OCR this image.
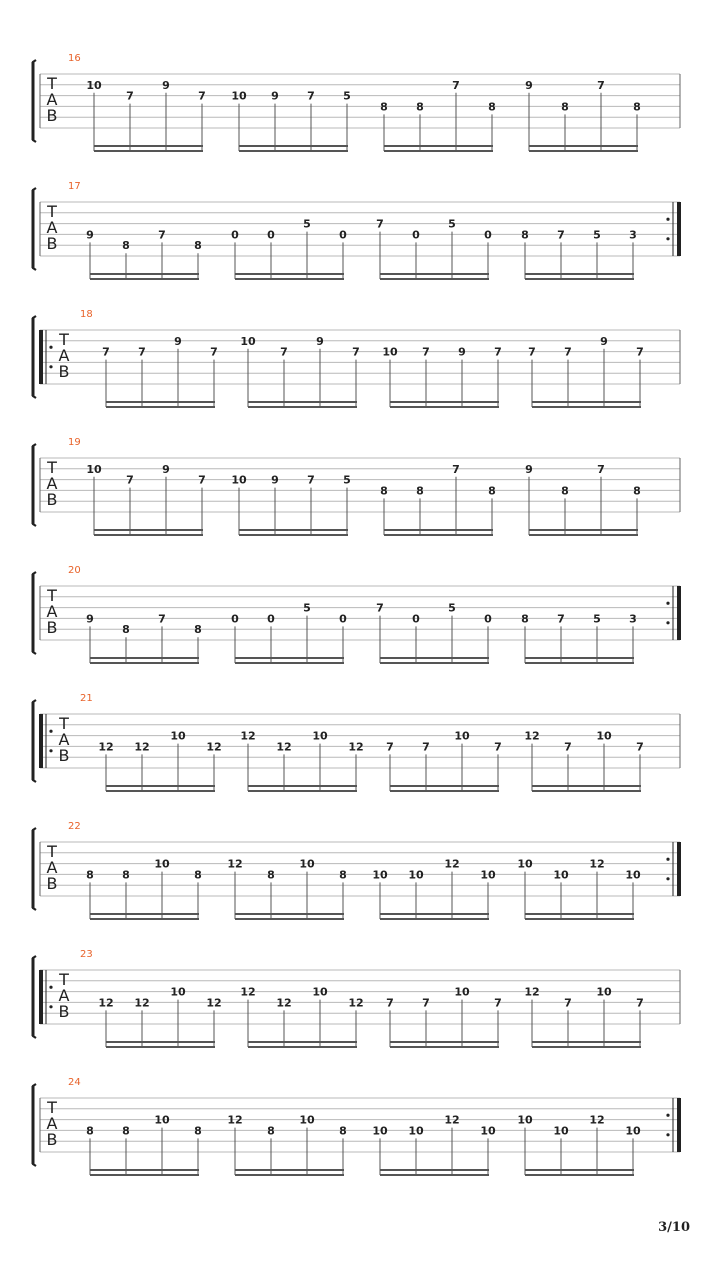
T
A
B
16
10
7
9
7 10 9	7	5
8	8
7
8
9
8
7
8
T
A
B
17
9
8
7
8
0	0
5
0
7
0
5
0	8	7	5	3
T
A
B
18
7	7
9
7
10
7
9
7 10 7	9	7 7	7
9
7
T
A
B
19
10
7
9
7 10 9	7	5
8	8
7
8
9
8
7
8
T
A
B
20
9
8
7
8
0	0
5
0
7
0
5
0	8	7	5	3
T
A
B
21
12 12
10
12
12
12
10
12 7	7
10
7
12
7
10
7
T
A
B
22
8	8
10
8
12
8
10
8 10 10
12
10
10
10
12
10
T
A
B
23
12 12
10
12
12
12
10
12 7	7
10
7
12
7
10
7
T
A
B
24
8	8
10
8
12
8
10
8 10 10
12
10
10
10
12
10
3/10
